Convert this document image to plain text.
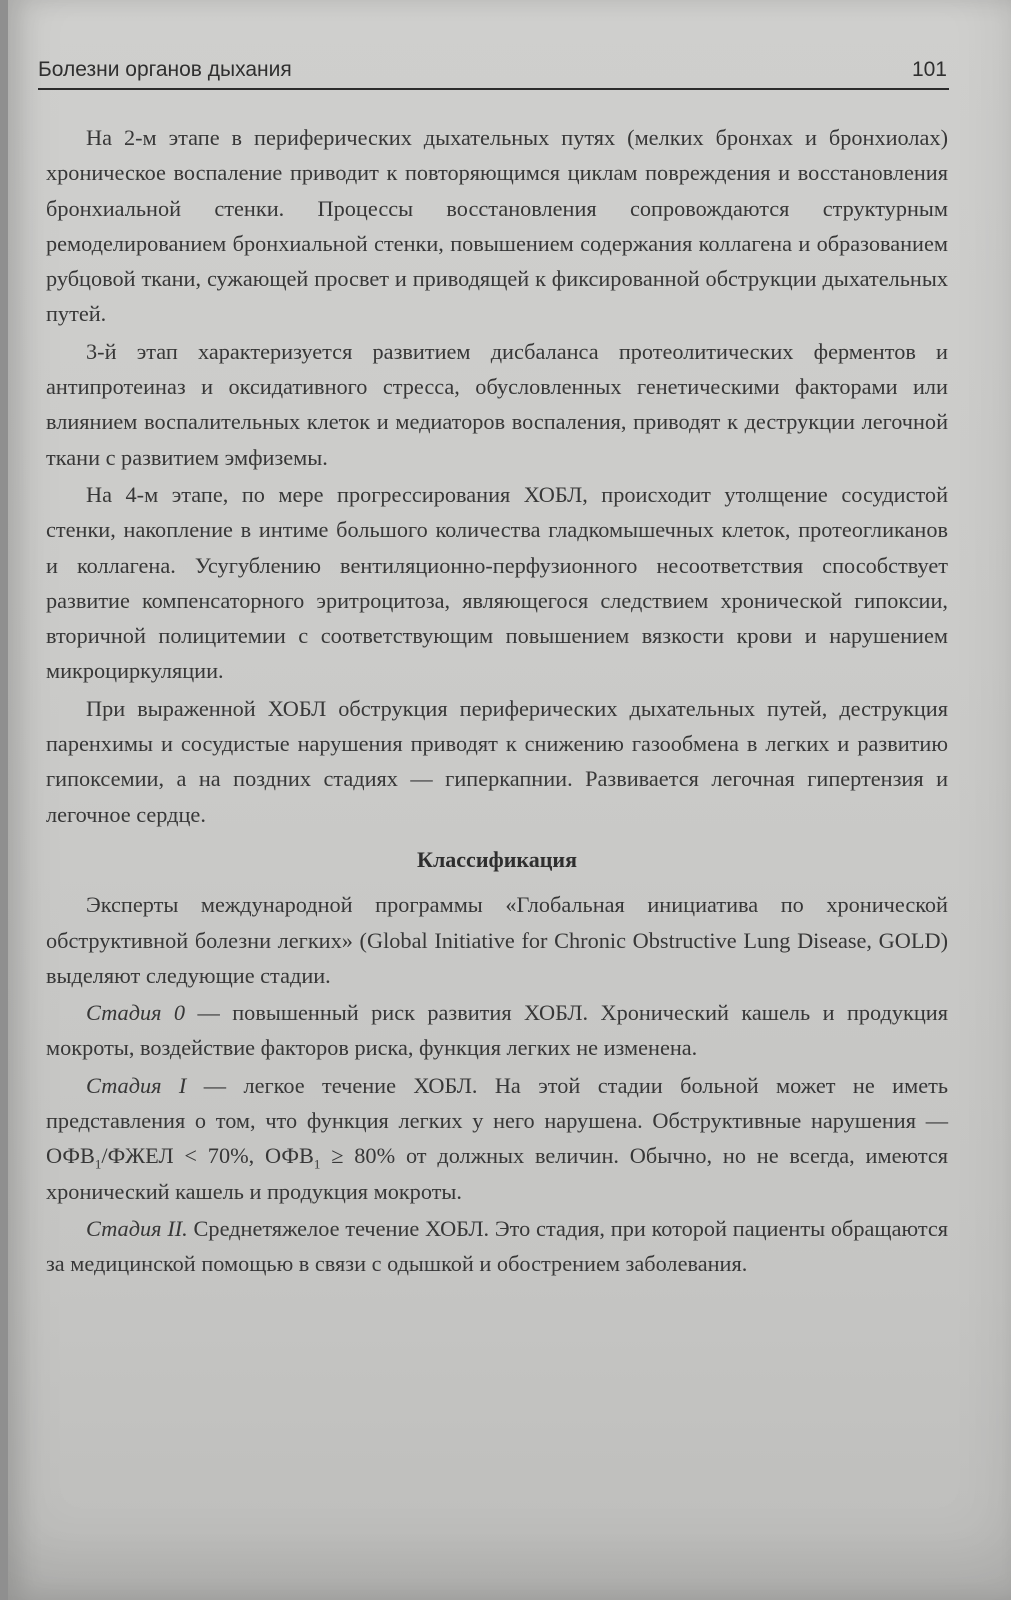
Болезни органов дыхания	101

На 2-м этапе в периферических дыхательных путях (мелких бронхах и бронхиолах) хроническое воспаление приводит к повторяющимся циклам повреждения и восстановления бронхиальной стенки. Процессы восстановления сопровождаются структурным ремоделированием бронхиальной стенки, повышением содержания коллагена и образованием рубцовой ткани, сужающей просвет и приводящей к фиксированной обструкции дыхательных путей.

3-й этап характеризуется развитием дисбаланса протеолитических ферментов и антипротеиназ и оксидативного стресса, обусловленных генетическими факторами или влиянием воспалительных клеток и медиаторов воспаления, приводят к деструкции легочной ткани с развитием эмфиземы.

На 4-м этапе, по мере прогрессирования ХОБЛ, происходит утолщение сосудистой стенки, накопление в интиме большого количества гладкомышечных клеток, протеогликанов и коллагена. Усугублению вентиляционно-перфузионного несоответствия способствует развитие компенсаторного эритроцитоза, являющегося следствием хронической гипоксии, вторичной полицитемии с соответствующим повышением вязкости крови и нарушением микроциркуляции.

При выраженной ХОБЛ обструкция периферических дыхательных путей, деструкция паренхимы и сосудистые нарушения приводят к снижению газообмена в легких и развитию гипоксемии, а на поздних стадиях — гиперкапнии. Развивается легочная гипертензия и легочное сердце.

Классификация

Эксперты международной программы «Глобальная инициатива по хронической обструктивной болезни легких» (Global Initiative for Chronic Obstructive Lung Disease, GOLD) выделяют следующие стадии.

Стадия 0 — повышенный риск развития ХОБЛ. Хронический кашель и продукция мокроты, воздействие факторов риска, функция легких не изменена.

Стадия I — легкое течение ХОБЛ. На этой стадии больной может не иметь представления о том, что функция легких у него нарушена. Обструктивные нарушения — $ОФВ_1$/ФЖЕЛ < 70%, $ОФВ_1 \ge 80\%$ от должных величин. Обычно, но не всегда, имеются хронический кашель и продукция мокроты.

Стадия II. Среднетяжелое течение ХОБЛ. Это стадия, при которой пациенты обращаются за медицинской помощью в связи с одышкой и обострением заболевания.
